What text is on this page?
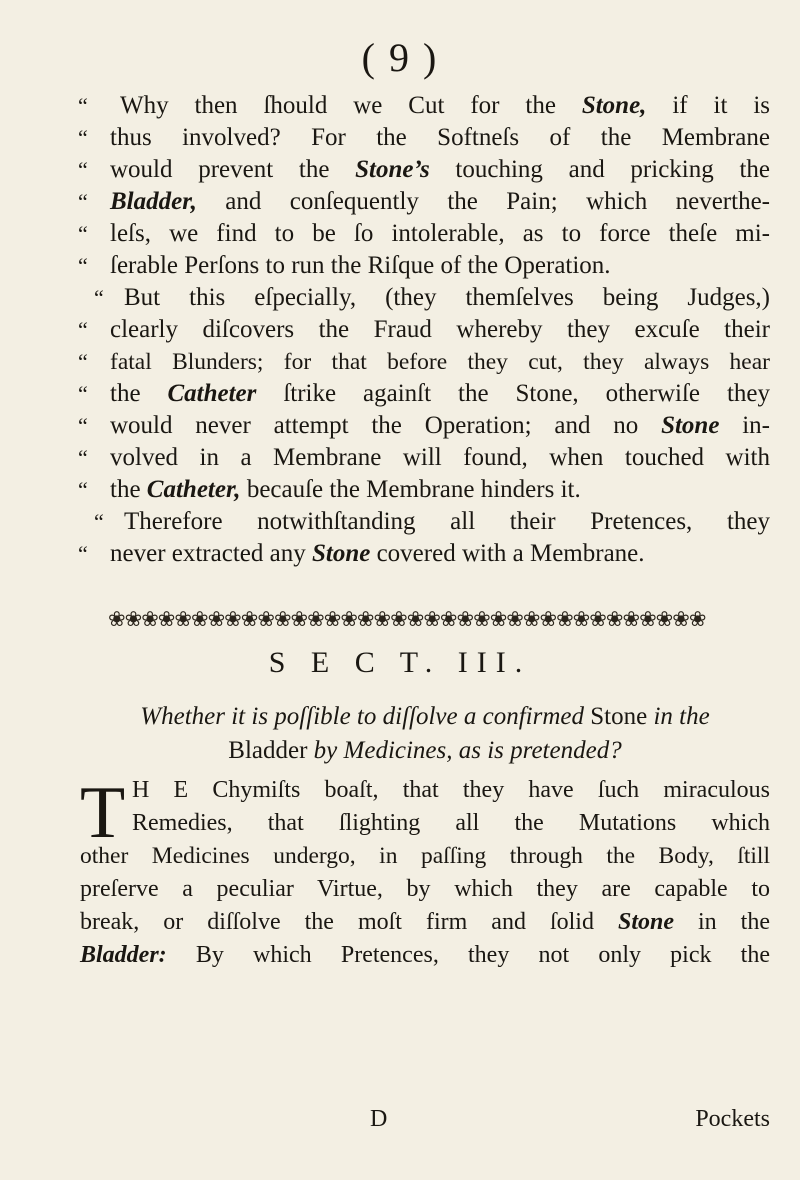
( 9 )
“	Why then ſhould we Cut for the Stone, if it is
“ thus involved? For the Softneſs of the Membrane
“ would prevent the Stone’s touching and pricking the
“ Bladder, and conſequently the Pain; which neverthe-
“ leſs, we find to be ſo intolerable, as to force theſe mi-
“ ſerable Perſons to run the Riſque of the Operation.
“ But this eſpecially, (they themſelves being Judges,)
“ clearly diſcovers the Fraud whereby they excuſe their
“ fatal Blunders; for that before they cut, they always hear
“ the Catheter ſtrike againſt the Stone, otherwiſe they
“ would never attempt the Operation; and no Stone in-
“ volved in a Membrane will found, when touched with
“ the Catheter, becauſe the Membrane hinders it.
“ Therefore notwithſtanding all their Pretences, they
“ never extracted any Stone covered with a Membrane.
❀❀❀❀❀❀❀❀❀❀❀❀❀❀❀❀❀❀❀❀❀❀❀❀❀❀❀❀❀❀❀❀❀❀❀❀
S E C T. III.
Whether it is poſſible to diſſolve a confirmed Stone in the
Bladder by Medicines, as is pretended?
T H E Chymiſts boaſt, that they have ſuch miraculous
Remedies, that ſlighting all the Mutations which
other Medicines undergo, in paſſing through the Body, ſtill
preſerve a peculiar Virtue, by which they are capable to
break, or diſſolve the moſt firm and ſolid Stone in the
Bladder: By which Pretences, they not only pick the
D	Pockets
